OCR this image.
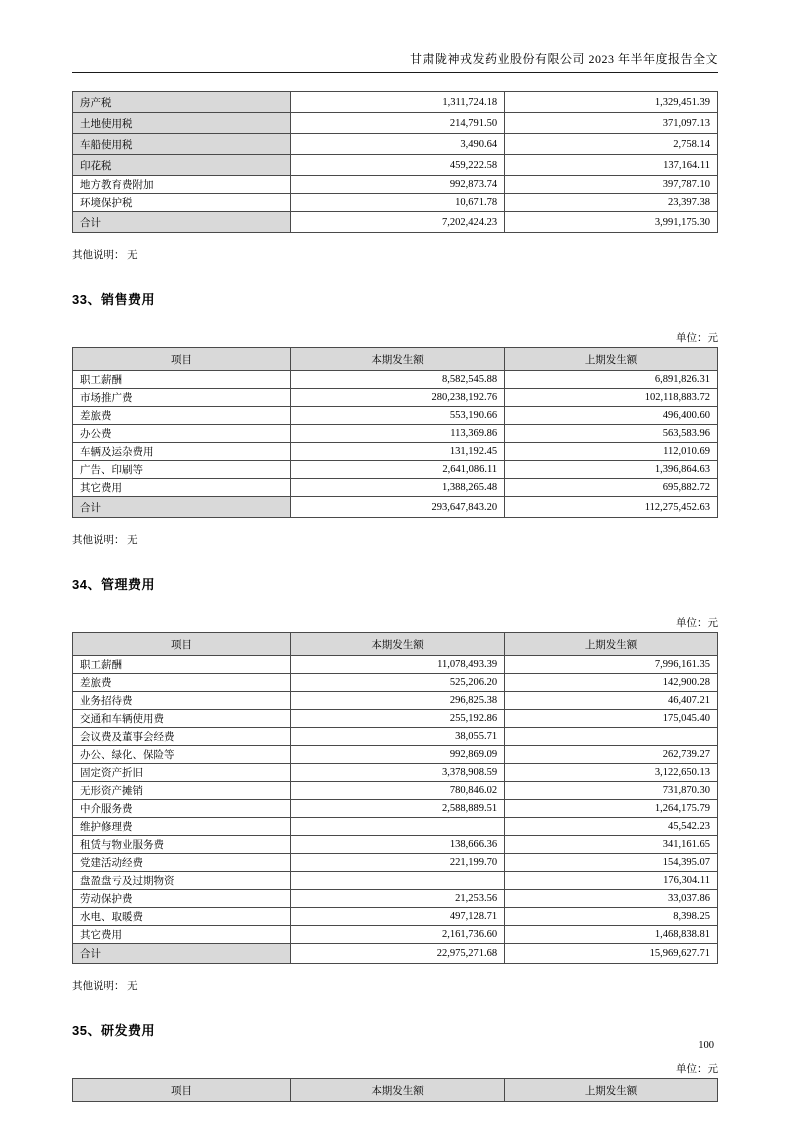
甘肃陇神戎发药业股份有限公司 2023 年半年度报告全文
房产税	1,311,724.18	1,329,451.39
土地使用税	214,791.50	371,097.13
车船使用税	3,490.64	2,758.14
印花税	459,222.58	137,164.11
地方教育费附加	992,873.74	397,787.10
环境保护税	10,671.78	23,397.38
合计	7,202,424.23	3,991,175.30

其他说明： 无

33、销售费用
单位：元
项目	本期发生额	上期发生额
职工薪酬	8,582,545.88	6,891,826.31
市场推广费	280,238,192.76	102,118,883.72
差旅费	553,190.66	496,400.60
办公费	113,369.86	563,583.96
车辆及运杂费用	131,192.45	112,010.69
广告、印刷等	2,641,086.11	1,396,864.63
其它费用	1,388,265.48	695,882.72
合计	293,647,843.20	112,275,452.63

其他说明： 无

34、管理费用
单位：元
项目	本期发生额	上期发生额
职工薪酬	11,078,493.39	7,996,161.35
差旅费	525,206.20	142,900.28
业务招待费	296,825.38	46,407.21
交通和车辆使用费	255,192.86	175,045.40
会议费及董事会经费	38,055.71	
办公、绿化、保险等	992,869.09	262,739.27
固定资产折旧	3,378,908.59	3,122,650.13
无形资产摊销	780,846.02	731,870.30
中介服务费	2,588,889.51	1,264,175.79
维护修理费		45,542.23
租赁与物业服务费	138,666.36	341,161.65
党建活动经费	221,199.70	154,395.07
盘盈盘亏及过期物资		176,304.11
劳动保护费	21,253.56	33,037.86
水电、取暖费	497,128.71	8,398.25
其它费用	2,161,736.60	1,468,838.81
合计	22,975,271.68	15,969,627.71

其他说明： 无

35、研发费用
单位：元
项目	本期发生额	上期发生额
100
